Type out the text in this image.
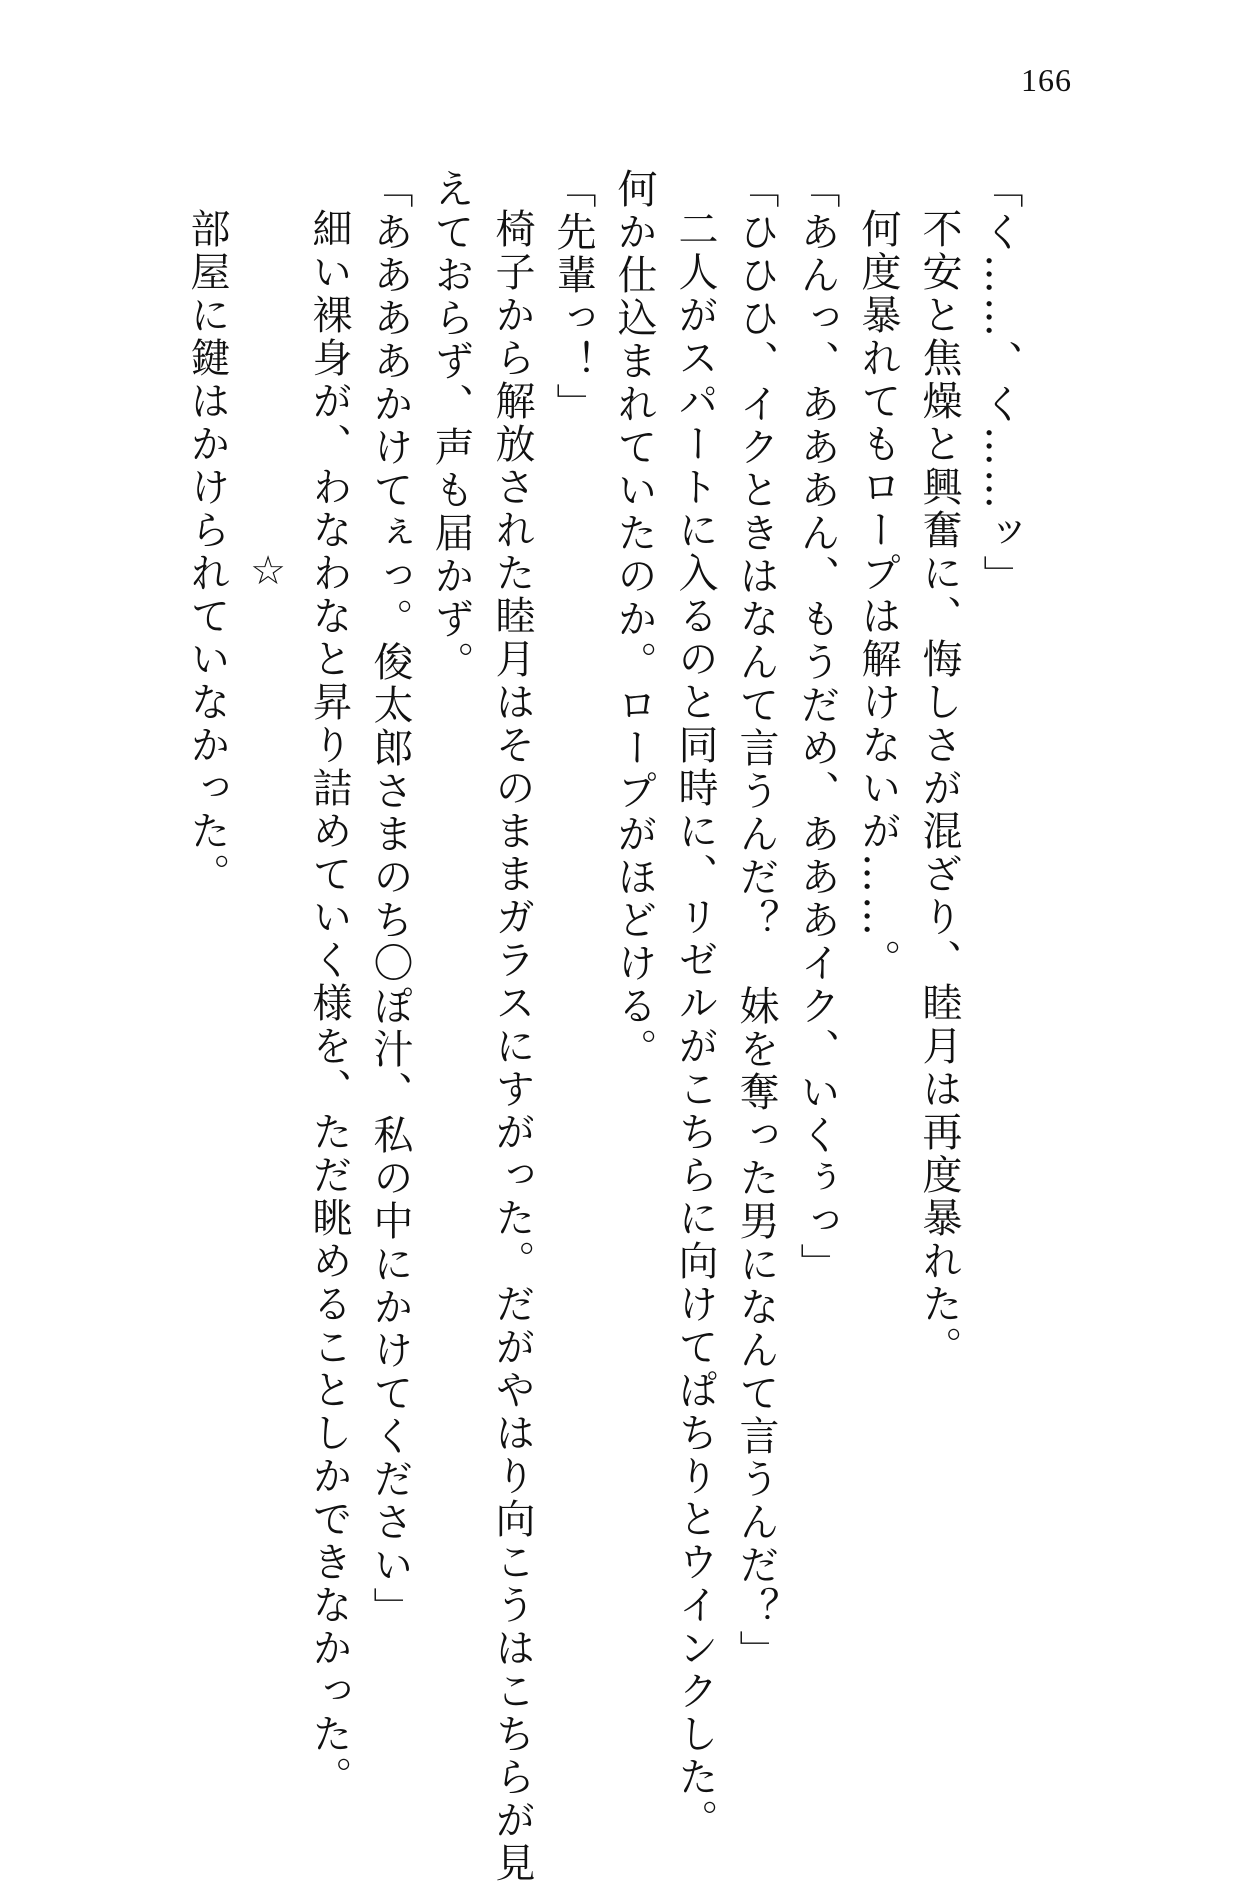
166
「く……、く……ッ」
不安と焦燥と興奮に、悔しさが混ざり、睦月は再度暴れた。
何度暴れてもロープは解けないが……。
「あんっ、あああん、もうだめ、あああイク、いくぅっ」
「ひひひ、イクときはなんて言うんだ？　妹を奪った男になんて言うんだ？」
二人がスパートに入るのと同時に、リゼルがこちらに向けてぱちりとウインクした。
何か仕込まれていたのか。ロープがほどける。
「先輩っ！」
椅子から解放された睦月はそのままガラスにすがった。だがやはり向こうはこちらが見
えておらず、声も届かず。
「ああああかけてぇっ。俊太郎さまのち〇ぽ汁、私の中にかけてください」
細い裸身が、わなわなと昇り詰めていく様を、ただ眺めることしかできなかった。
☆
部屋に鍵はかけられていなかった。
